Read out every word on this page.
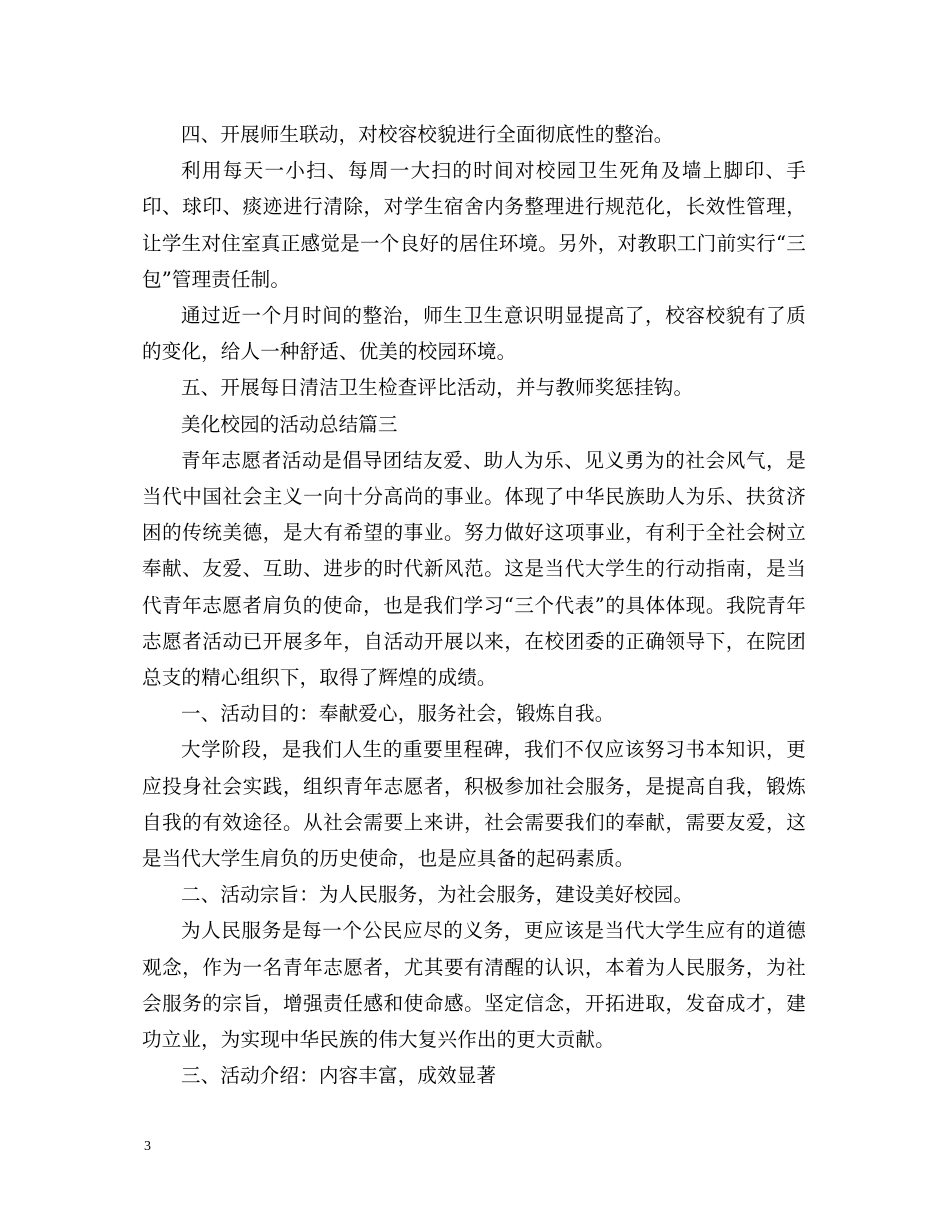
四、开展师生联动，对校容校貌进行全面彻底性的整治。

利用每天一小扫、每周一大扫的时间对校园卫生死角及墙上脚印、手印、球印、痰迹进行清除，对学生宿舍内务整理进行规范化，长效性管理，让学生对住室真正感觉是一个良好的居住环境。另外，对教职工门前实行“三包”管理责任制。

通过近一个月时间的整治，师生卫生意识明显提高了，校容校貌有了质的变化，给人一种舒适、优美的校园环境。

五、开展每日清洁卫生检查评比活动，并与教师奖惩挂钩。

美化校园的活动总结篇三

青年志愿者活动是倡导团结友爱、助人为乐、见义勇为的社会风气，是当代中国社会主义一向十分高尚的事业。体现了中华民族助人为乐、扶贫济困的传统美德，是大有希望的事业。努力做好这项事业，有利于全社会树立奉献、友爱、互助、进步的时代新风范。这是当代大学生的行动指南，是当代青年志愿者肩负的使命，也是我们学习“三个代表”的具体体现。我院青年志愿者活动已开展多年，自活动开展以来，在校团委的正确领导下，在院团总支的精心组织下，取得了辉煌的成绩。

一、活动目的：奉献爱心，服务社会，锻炼自我。

大学阶段，是我们人生的重要里程碑，我们不仅应该努习书本知识，更应投身社会实践，组织青年志愿者，积极参加社会服务，是提高自我，锻炼自我的有效途径。从社会需要上来讲，社会需要我们的奉献，需要友爱，这是当代大学生肩负的历史使命，也是应具备的起码素质。

二、活动宗旨：为人民服务，为社会服务，建设美好校园。

为人民服务是每一个公民应尽的义务，更应该是当代大学生应有的道德观念，作为一名青年志愿者，尤其要有清醒的认识，本着为人民服务，为社会服务的宗旨，增强责任感和使命感。坚定信念，开拓进取，发奋成才，建功立业，为实现中华民族的伟大复兴作出的更大贡献。

三、活动介绍：内容丰富，成效显著

3
